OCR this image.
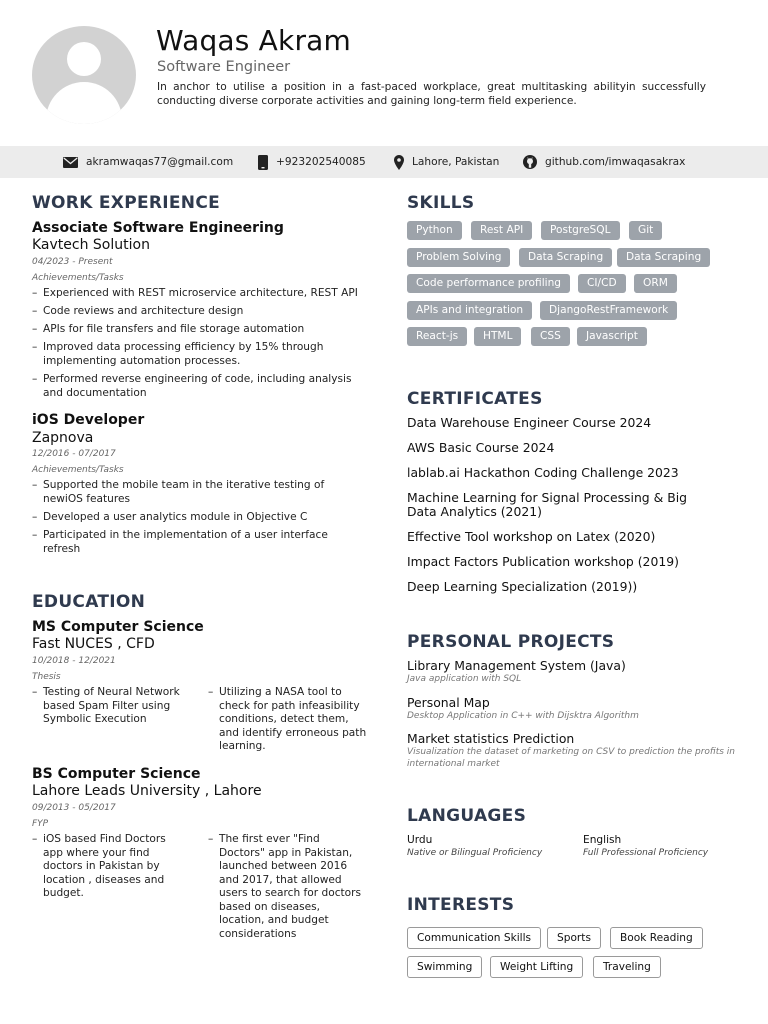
Waqas Akram
Software Engineer
In anchor to utilise a position in a fast-paced workplace, great multitasking abilityin successfully conducting diverse corporate activities and gaining long-term field experience.
akramwaqas77@gmail.com	+923202540085	Lahore, Pakistan	github.com/imwaqasakrax
WORK EXPERIENCE
Associate Software Engineering
Kavtech Solution
04/2023 - Present
Achievements/Tasks
– Experienced with REST microservice architecture, REST API
– Code reviews and architecture design
– APIs for file transfers and file storage automation
– Improved data processing efficiency by 15% through implementing automation processes.
– Performed reverse engineering of code, including analysis and documentation
iOS Developer
Zapnova
12/2016 - 07/2017
Achievements/Tasks
– Supported the mobile team in the iterative testing of newiOS features
– Developed a user analytics module in Objective C
– Participated in the implementation of a user interface refresh
EDUCATION
MS Computer Science
Fast NUCES , CFD
10/2018 - 12/2021
Thesis
– Testing of Neural Network based Spam Filter using Symbolic Execution
– Utilizing a NASA tool to check for path infeasibility conditions, detect them, and identify erroneous path learning.
BS Computer Science
Lahore Leads University , Lahore
09/2013 - 05/2017
FYP
– iOS based Find Doctors app where your find doctors in Pakistan by location , diseases and budget.
– The first ever "Find Doctors" app in Pakistan, launched between 2016 and 2017, that allowed users to search for doctors based on diseases, location, and budget considerations
SKILLS
Python	Rest API	PostgreSQL	Git
Problem Solving	Data Scraping	Data Scraping
Code performance profiling	CI/CD	ORM
APIs and integration	DjangoRestFramework
React-js	HTML	CSS	Javascript
CERTIFICATES
Data Warehouse Engineer Course 2024
AWS Basic Course 2024
lablab.ai Hackathon Coding Challenge 2023
Machine Learning for Signal Processing & Big Data Analytics (2021)
Effective Tool workshop on Latex (2020)
Impact Factors Publication workshop (2019)
Deep Learning Specialization (2019))
PERSONAL PROJECTS
Library Management System (Java)
Java application with SQL
Personal Map
Desktop Application in C++ with Dijsktra Algorithm
Market statistics Prediction
Visualization the dataset of marketing on CSV to prediction the profits in international market
LANGUAGES
Urdu
Native or Bilingual Proficiency
English
Full Professional Proficiency
INTERESTS
Communication Skills	Sports	Book Reading
Swimming	Weight Lifting	Traveling
